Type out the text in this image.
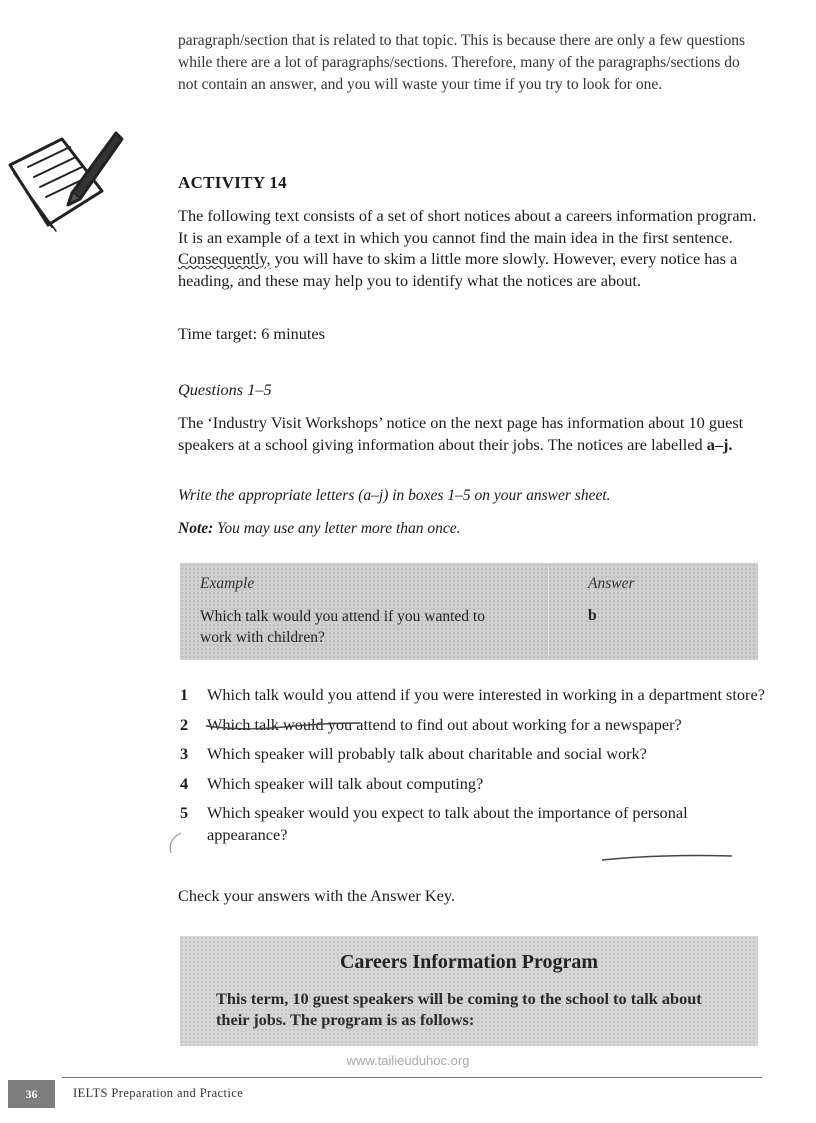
paragraph/section that is related to that topic. This is because there are only a few questions while there are a lot of paragraphs/sections. Therefore, many of the paragraphs/sections do not contain an answer, and you will waste your time if you try to look for one.

ACTIVITY 14

The following text consists of a set of short notices about a careers information program. It is an example of a text in which you cannot find the main idea in the first sentence. Consequently, you will have to skim a little more slowly. However, every notice has a heading, and these may help you to identify what the notices are about.

Time target: 6 minutes

Questions 1–5

The ‘Industry Visit Workshops’ notice on the next page has information about 10 guest speakers at a school giving information about their jobs. The notices are labelled a–j.

Write the appropriate letters (a–j) in boxes 1–5 on your answer sheet.

Note: You may use any letter more than once.

Example	Answer
Which talk would you attend if you wanted to work with children?
b
1 Which talk would you attend if you were interested in working in a department store?
2 Which talk would you attend to find out about working for a newspaper?
3 Which speaker will probably talk about charitable and social work?
4 Which speaker will talk about computing?
5 Which speaker would you expect to talk about the importance of personal appearance?

Check your answers with the Answer Key.

Careers Information Program
This term, 10 guest speakers will be coming to the school to talk about their jobs. The program is as follows:
www.tailieuduhoc.org
36	IELTS Preparation and Practice
